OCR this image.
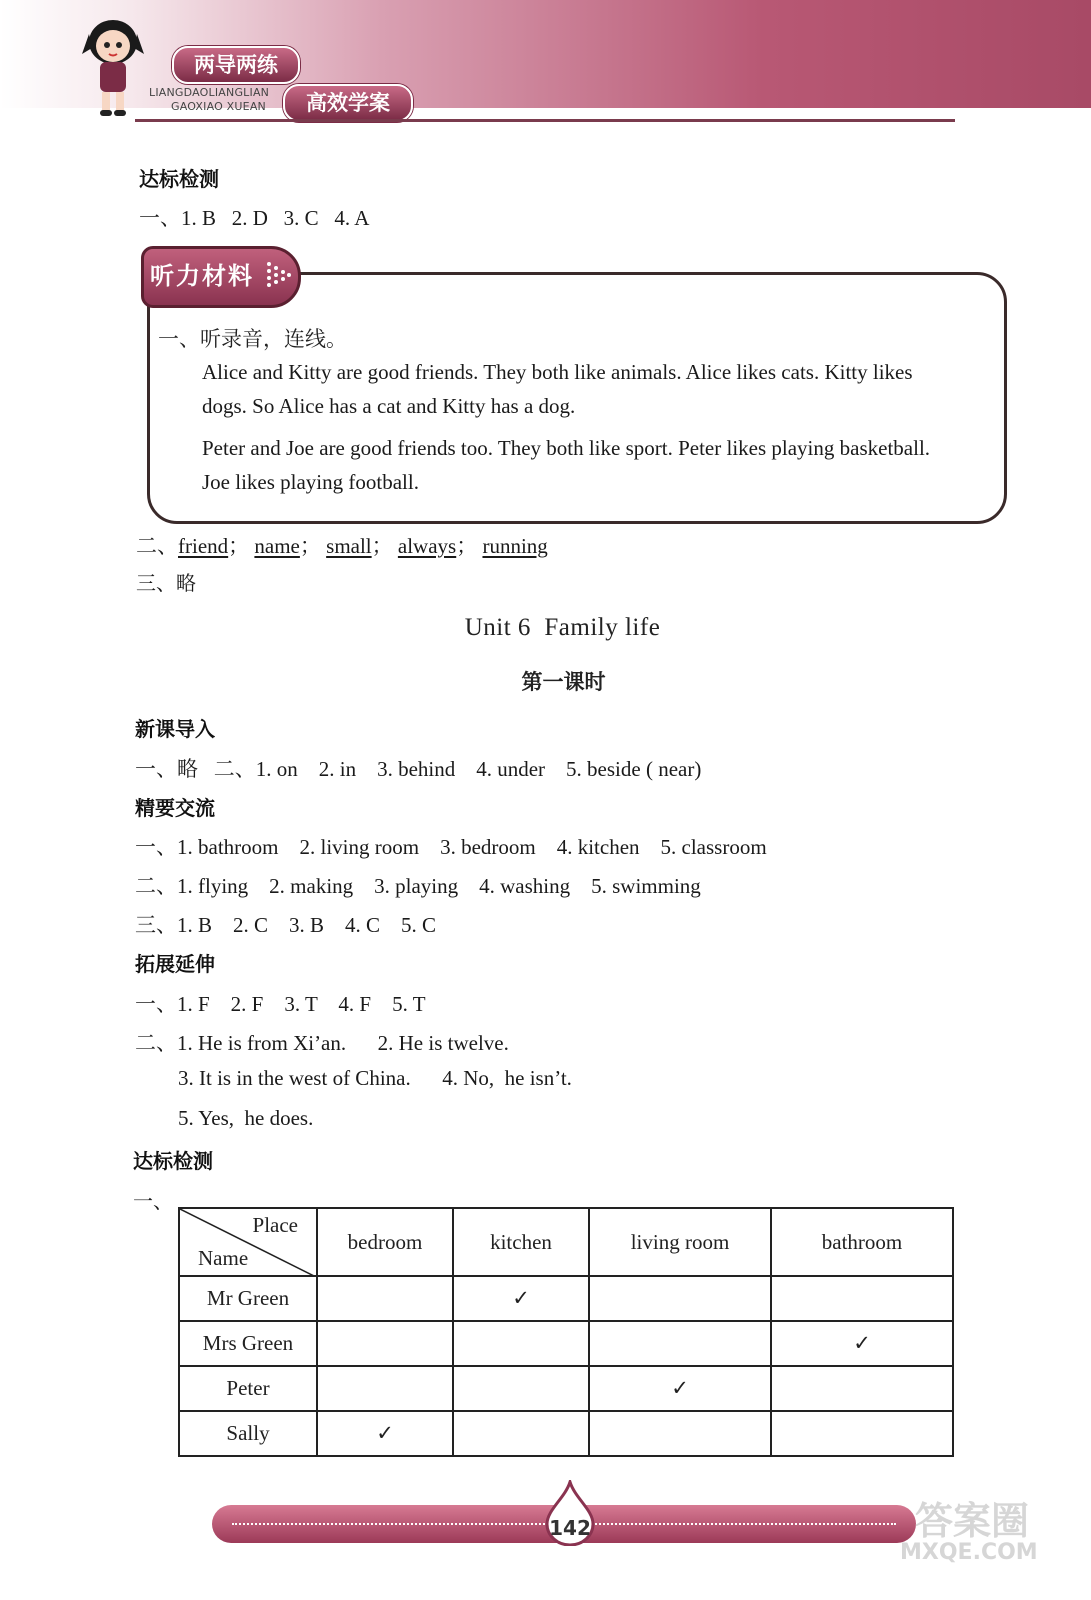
两导两练
LIANGDAOLIANGLIAN
GAOXIAO XUEAN	高效学案
达标检测
一、1. B   2. D   3. C   4. A
听力材料
一、听录音，连线。
Alice and Kitty are good friends. They both like animals. Alice likes cats. Kitty likes
dogs. So Alice has a cat and Kitty has a dog.
Peter and Joe are good friends too. They both like sport. Peter likes playing basketball.
Joe likes playing football.
二、friend； name； small； always； running
三、略
Unit 6  Family life
第一课时
新课导入
一、略   二、1. on    2. in    3. behind    4. under    5. beside ( near)
精要交流
一、1. bathroom    2. living room    3. bedroom    4. kitchen    5. classroom
二、1. flying    2. making    3. playing    4. washing    5. swimming
三、1. B    2. C    3. B    4. C    5. C
拓展延伸
一、1. F    2. F    3. T    4. F    5. T
二、1. He is from Xi’an.      2. He is twelve.
3. It is in the west of China.      4. No,  he isn’t.
5. Yes,  he does.
达标检测
一、
Place
Name	bedroom	kitchen	living room	bathroom
Mr Green		✓		
Mrs Green				✓
Peter			✓	
Sally	✓			
142	答案圈
MXQE.COM
